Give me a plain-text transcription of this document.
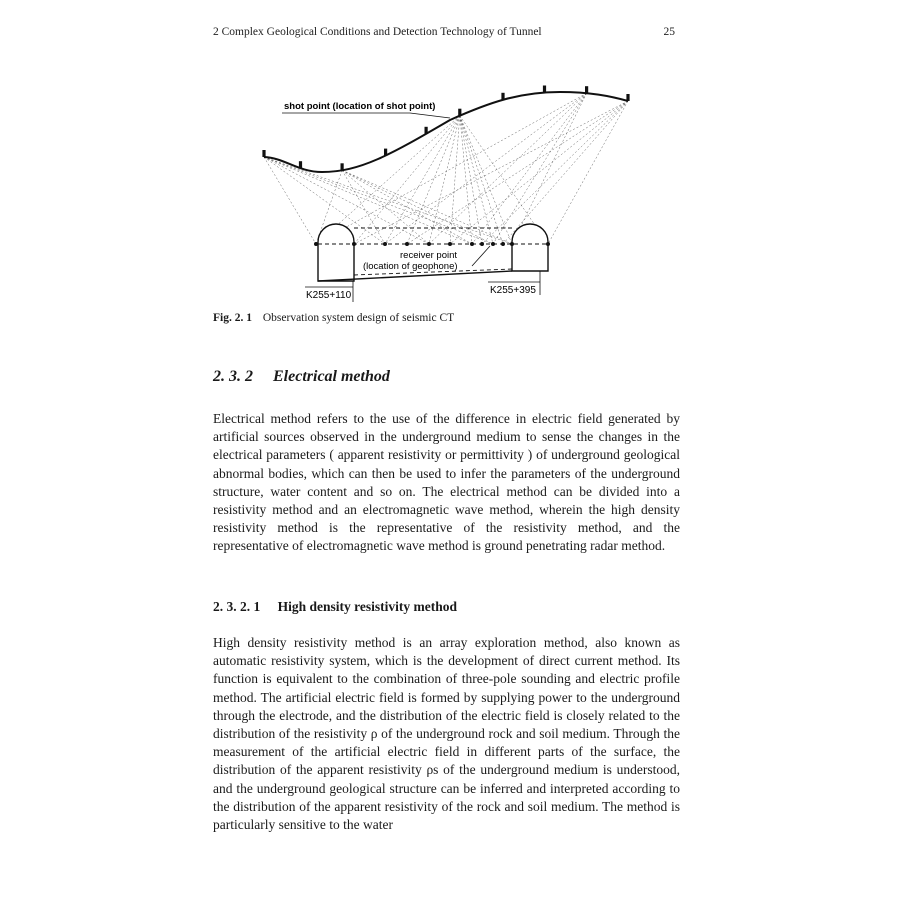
2 Complex Geological Conditions and Detection Technology of Tunnel	25
shot point (location of shot point)
receiver point
(location of geophone)
K255+110	K255+395
Fig. 2. 1 Observation system design of seismic CT
2. 3. 2 Electrical method

Electrical method refers to the use of the difference in electric field generated by artificial sources observed in the underground medium to sense the changes in the electrical parameters ( apparent resistivity or permittivity ) of underground geological abnormal bodies, which can then be used to infer the parameters of the underground structure, water content and so on. The electrical method can be divided into a resistivity method and an electromagnetic wave method, wherein the high density resistivity method is the representative of the resistivity method, and the representative of electromagnetic wave method is ground penetrating radar method.

2. 3. 2. 1 High density resistivity method

High density resistivity method is an array exploration method, also known as automatic resistivity system, which is the development of direct current method. Its function is equivalent to the combination of three-pole sounding and electric profile method. The artificial electric field is formed by supplying power to the underground through the electrode, and the distribution of the electric field is closely related to the distribution of the resistivity ρ of the underground rock and soil medium. Through the measurement of the artificial electric field in different parts of the surface, the distribution of the apparent resistivity ρs of the underground medium is understood, and the underground geological structure can be inferred and interpreted according to the distribution of the apparent resistivity of the rock and soil medium. The method is particularly sensitive to the water
